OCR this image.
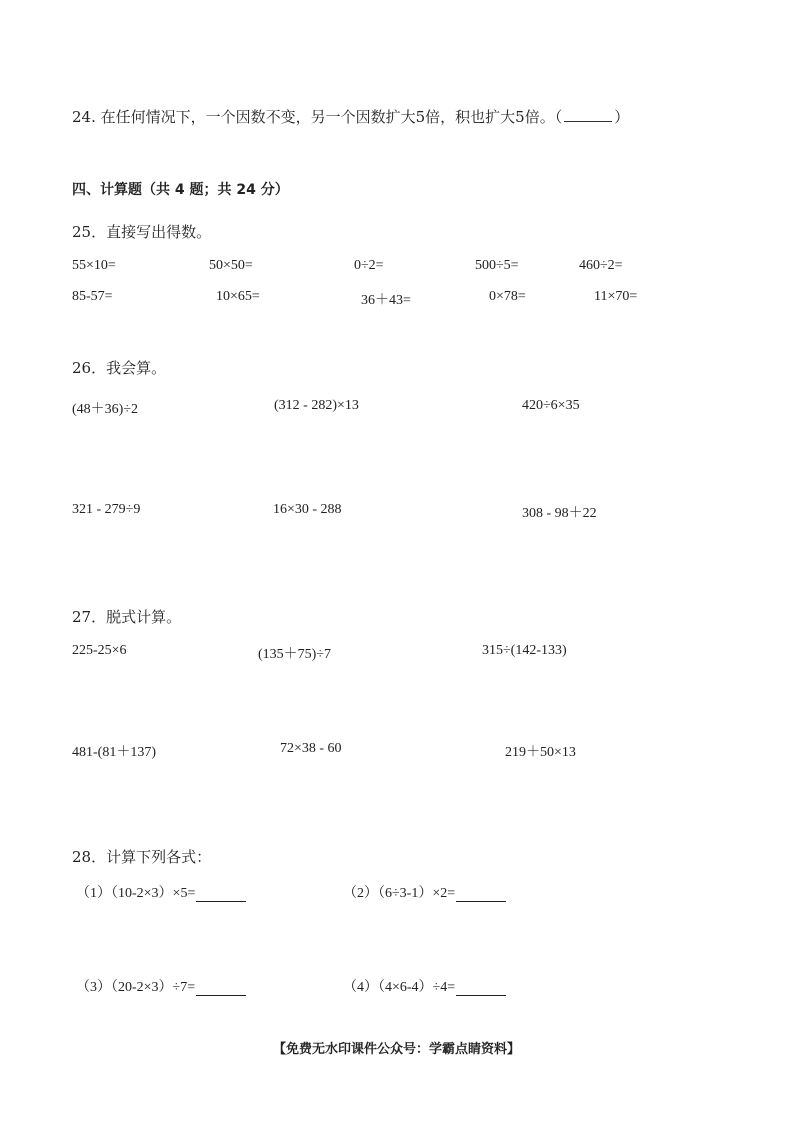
24. 在任何情况下，一个因数不变，另一个因数扩大5倍，积也扩大5倍。（	）
四、计算题（共 4 题；共 24 分）
25．直接写出得数。
55×10=	50×50=	0÷2=	500÷5=	460÷2=
85-57=	10×65=	36＋43=	0×78=	11×70=
26．我会算。
(48＋36)÷2	(312 - 282)×13	420÷6×35
321 - 279÷9	16×30 - 288	308 - 98＋22
27．脱式计算。
225-25×6	(135＋75)÷7	315÷(142-133)
481-(81＋137)	72×38 - 60	219＋50×13
28．计算下列各式：
（1）（10-2×3）×5=	（2）（6÷3-1）×2=
（3）（20-2×3）÷7=	（4）（4×6-4）÷4=
【免费无水印课件公众号：学霸点睛资料】
